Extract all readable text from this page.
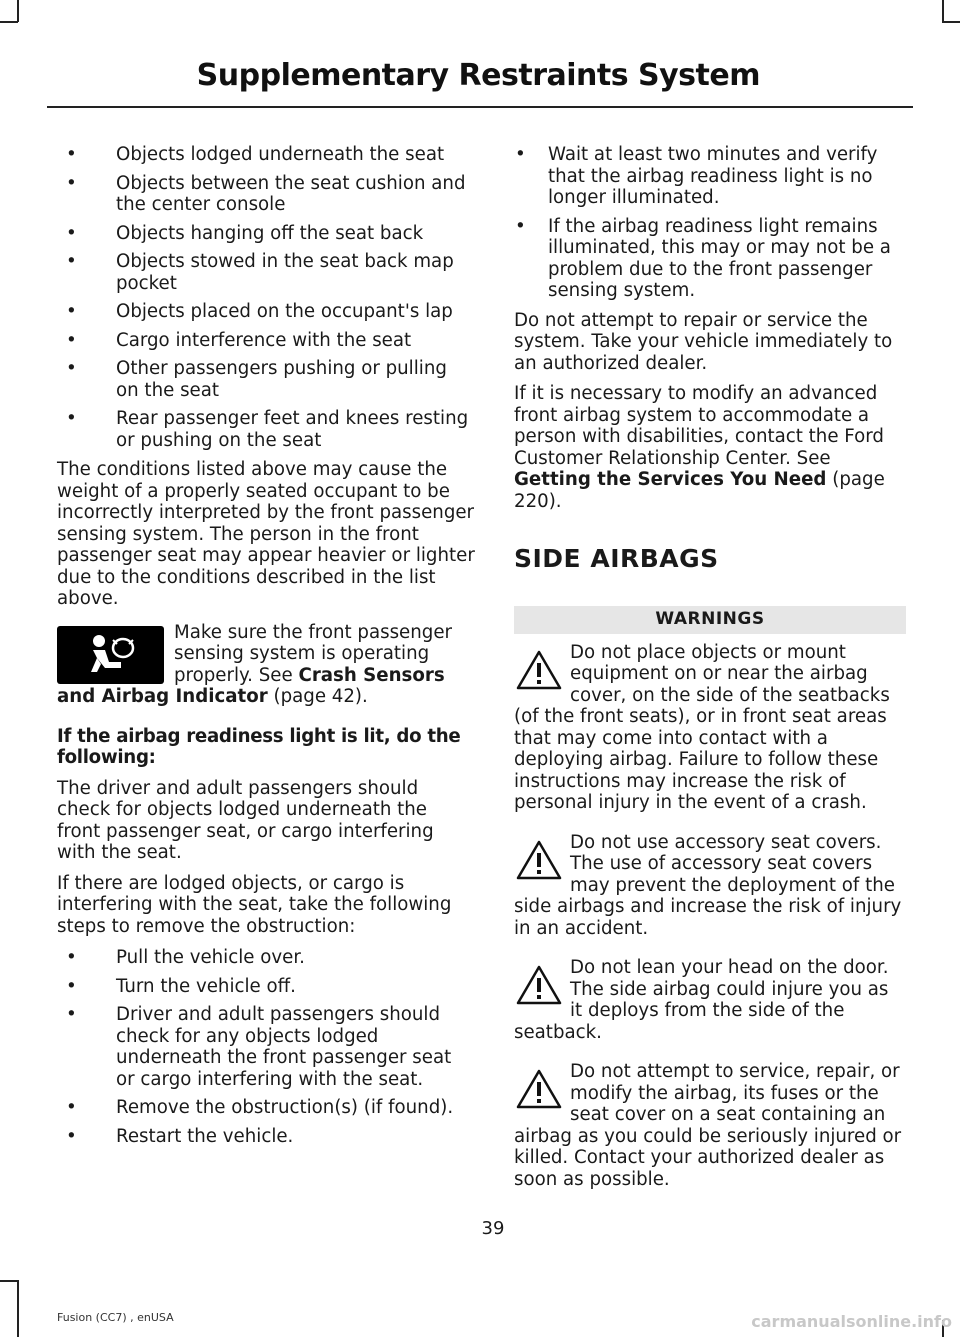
Supplementary Restraints System
• Objects lodged underneath the seat
• Objects between the seat cushion and the center console
• Objects hanging off the seat back
• Objects stowed in the seat back map pocket
• Objects placed on the occupant's lap
• Cargo interference with the seat
• Other passengers pushing or pulling on the seat
• Rear passenger feet and knees resting or pushing on the seat

The conditions listed above may cause the weight of a properly seated occupant to be incorrectly interpreted by the front passenger sensing system. The person in the front passenger seat may appear heavier or lighter due to the conditions described in the list above.

Make sure the front passenger sensing system is operating properly. See Crash Sensors and Airbag Indicator (page 42).

If the airbag readiness light is lit, do the following:

The driver and adult passengers should check for objects lodged underneath the front passenger seat, or cargo interfering with the seat.

If there are lodged objects, or cargo is interfering with the seat, take the following steps to remove the obstruction:

• Pull the vehicle over.
• Turn the vehicle off.
• Driver and adult passengers should check for any objects lodged underneath the front passenger seat or cargo interfering with the seat.
• Remove the obstruction(s) (if found).
• Restart the vehicle.
• Wait at least two minutes and verify that the airbag readiness light is no longer illuminated.
• If the airbag readiness light remains illuminated, this may or may not be a problem due to the front passenger sensing system.

Do not attempt to repair or service the system. Take your vehicle immediately to an authorized dealer.

If it is necessary to modify an advanced front airbag system to accommodate a person with disabilities, contact the Ford Customer Relationship Center. See Getting the Services You Need (page 220).

SIDE AIRBAGS
WARNINGS
Do not place objects or mount equipment on or near the airbag cover, on the side of the seatbacks (of the front seats), or in front seat areas that may come into contact with a deploying airbag. Failure to follow these instructions may increase the risk of personal injury in the event of a crash.
Do not use accessory seat covers. The use of accessory seat covers may prevent the deployment of the side airbags and increase the risk of injury in an accident.
Do not lean your head on the door. The side airbag could injure you as it deploys from the side of the seatback.
Do not attempt to service, repair, or modify the airbag, its fuses or the seat cover on a seat containing an airbag as you could be seriously injured or killed. Contact your authorized dealer as soon as possible.
39
Fusion (CC7) , enUSA	carmanualsonline.info
